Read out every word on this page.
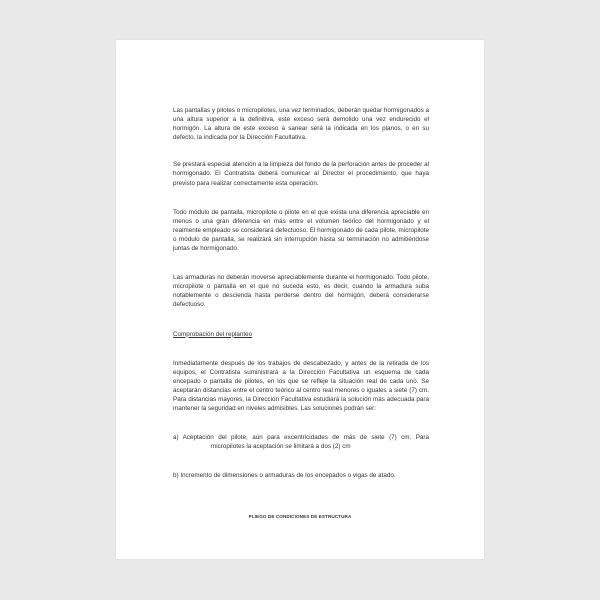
Las pantallas y pilotes o micropilotes, una vez terminados, deberán quedar hormigonados a una altura superior a la definitiva, este exceso será demolido una vez endurecido el hormigón. La altura de este exceso a sanear será la indicada en los planos, o en su defecto, la indicada por la Dirección Facultativa.

Se prestará especial atención a la limpieza del fondo de la perforación antes de proceder al hormigonado. El Contratista deberá comunicar al Director el procedimiento, que haya previsto para realizar correctamente esta operación.

Todo módulo de pantalla, micropilote o pilote en el que exista una diferencia apreciable en menos o una gran diferencia en más entre el volumen teórico del hormigonado y el realmente empleado se considerará defectuoso. El hormigonado de cada pilote, micropilote o módulo de pantalla, se realizará sin interrupción hasta su terminación no admitiéndose juntas de hormigonado.

Las armaduras no deberán moverse apreciablemente durante el hormigonado. Todo pilote, micropilote o pantalla en el que no suceda esto, es decir, cuando la armadura suba notablemente o descienda hasta perderse dentro del hormigón, deberá considerarse defectuoso.

Comprobación del replanteo

Inmediatamente después de los trabajos de descabezado, y antes de la retirada de los equipos, el Contratista suministrará a la Dirección Facultativa un esquema de cada encepado o pantalla de pilotes, en los que se refleje la situación real de cada uno. Se aceptarán distancias entre el centro teórico al centro real menores o iguales a siete (7) cm. Para distancias mayores, la Dirección Facultativa estudiará la solución más adecuada para mantener la seguridad en niveles admisibles. Las soluciones podrán ser:

a) Aceptación del pilote, aún para excentricidades de más de siete (7) cm. Para micropilotes la aceptación se limitará a dos (2) cm

b) Incremento de dimensiones o armaduras de los encepados o vigas de atado.

PLIEGO DE CONDICIONES DE ESTRUCTURA
